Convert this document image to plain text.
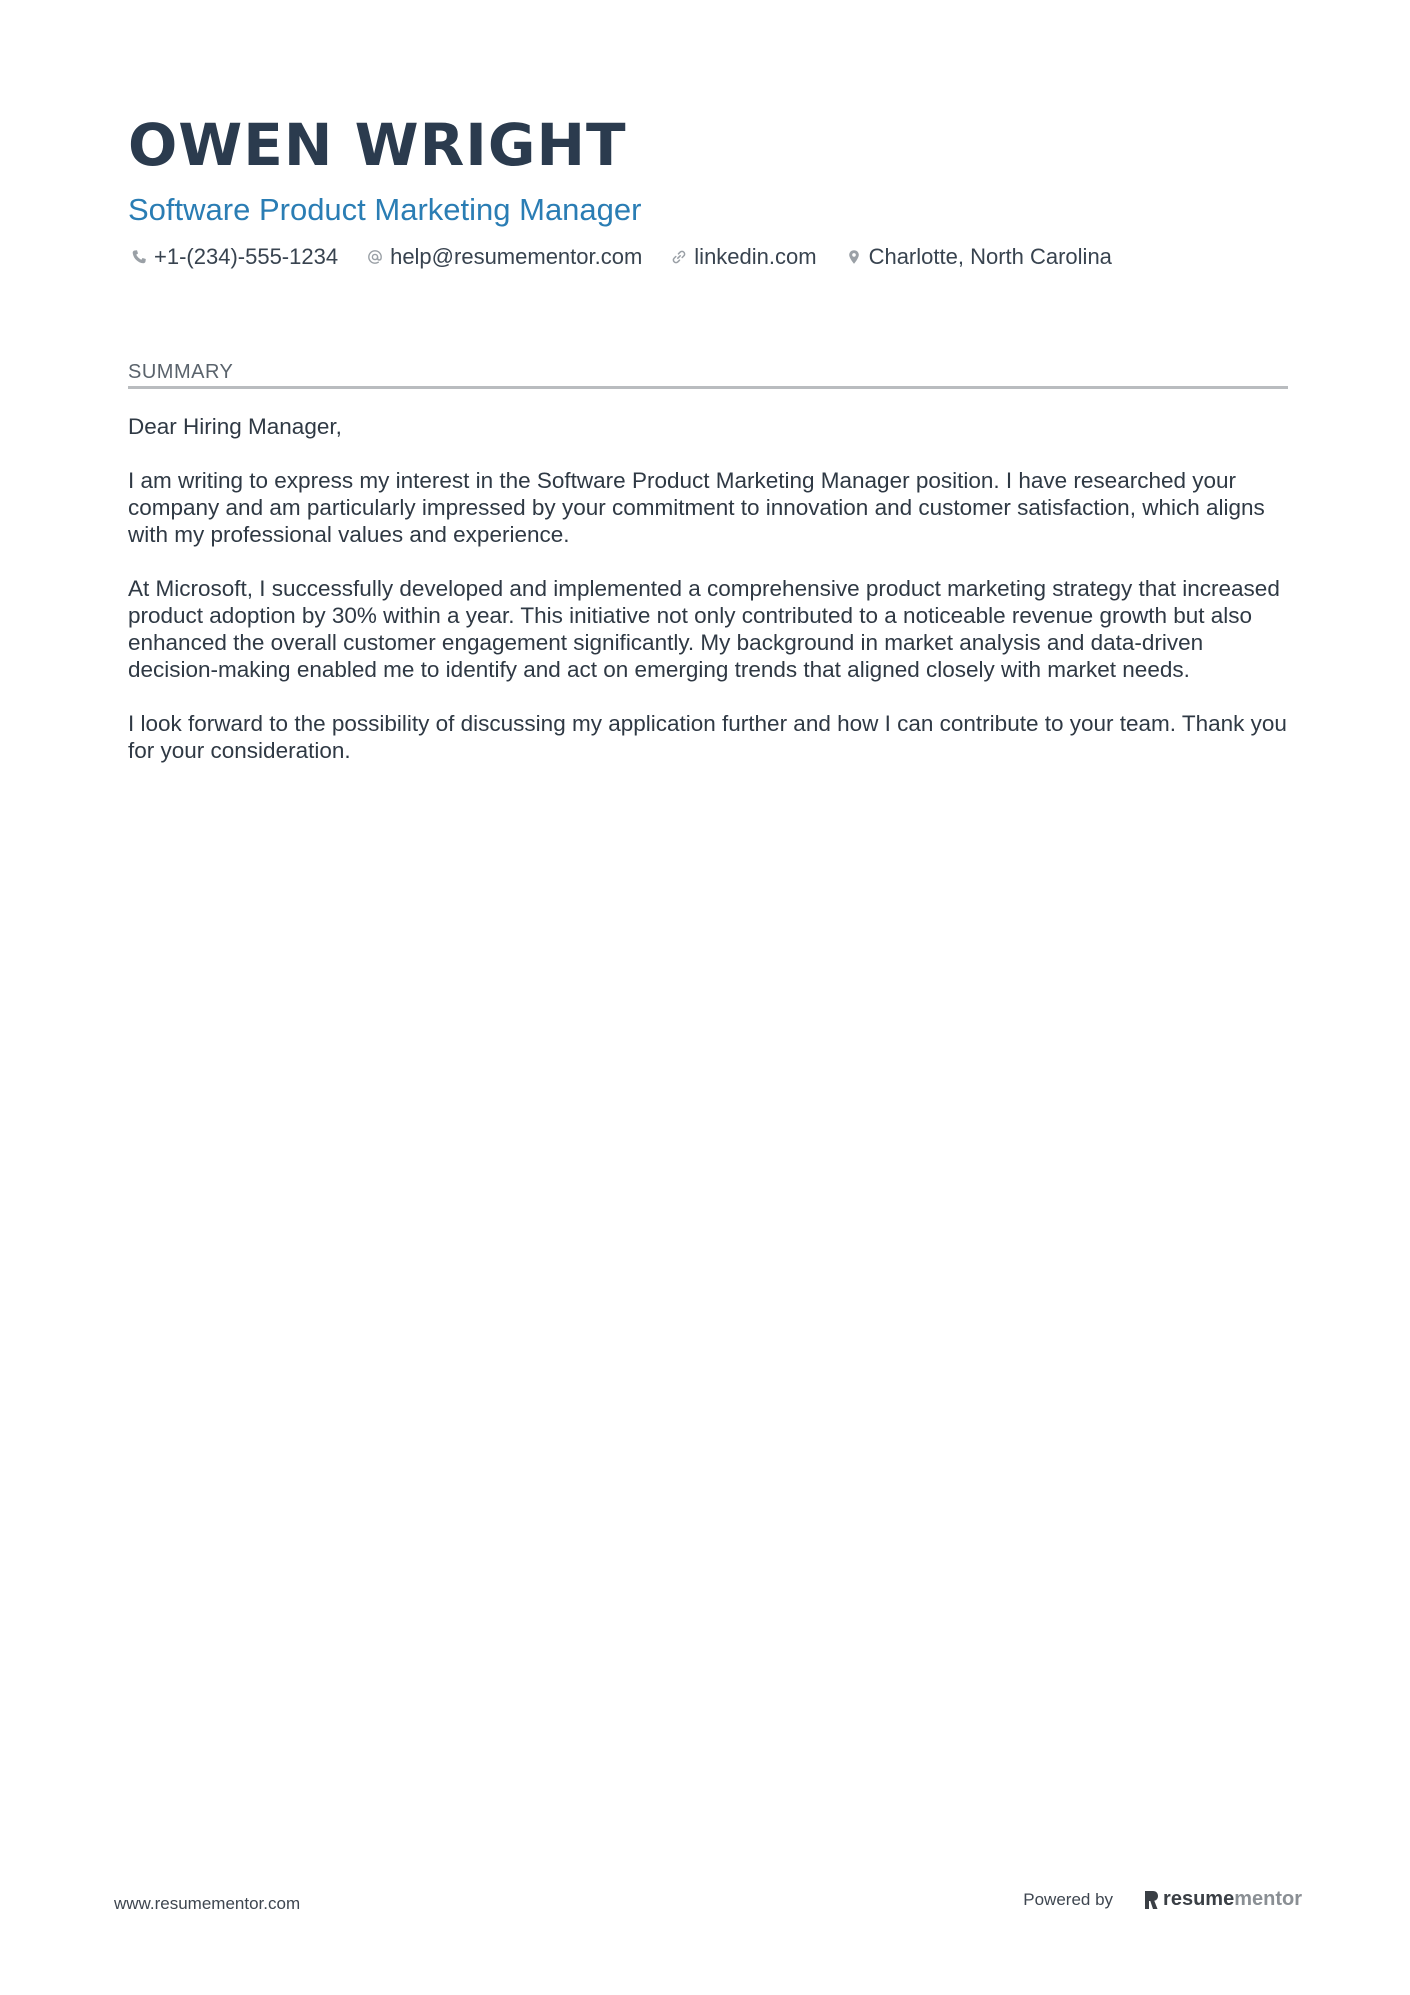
OWEN WRIGHT
Software Product Marketing Manager
+1-(234)-555-1234 help@resumementor.com linkedin.com Charlotte, North Carolina
SUMMARY

Dear Hiring Manager,

I am writing to express my interest in the Software Product Marketing Manager position. I have researched your company and am particularly impressed by your commitment to innovation and customer satisfaction, which aligns with my professional values and experience.

At Microsoft, I successfully developed and implemented a comprehensive product marketing strategy that increased product adoption by 30% within a year. This initiative not only contributed to a noticeable revenue growth but also enhanced the overall customer engagement significantly. My background in market analysis and data-driven decision-making enabled me to identify and act on emerging trends that aligned closely with market needs.

I look forward to the possibility of discussing my application further and how I can contribute to your team. Thank you for your consideration.

www.resumementor.com	Powered by	resume mentor
